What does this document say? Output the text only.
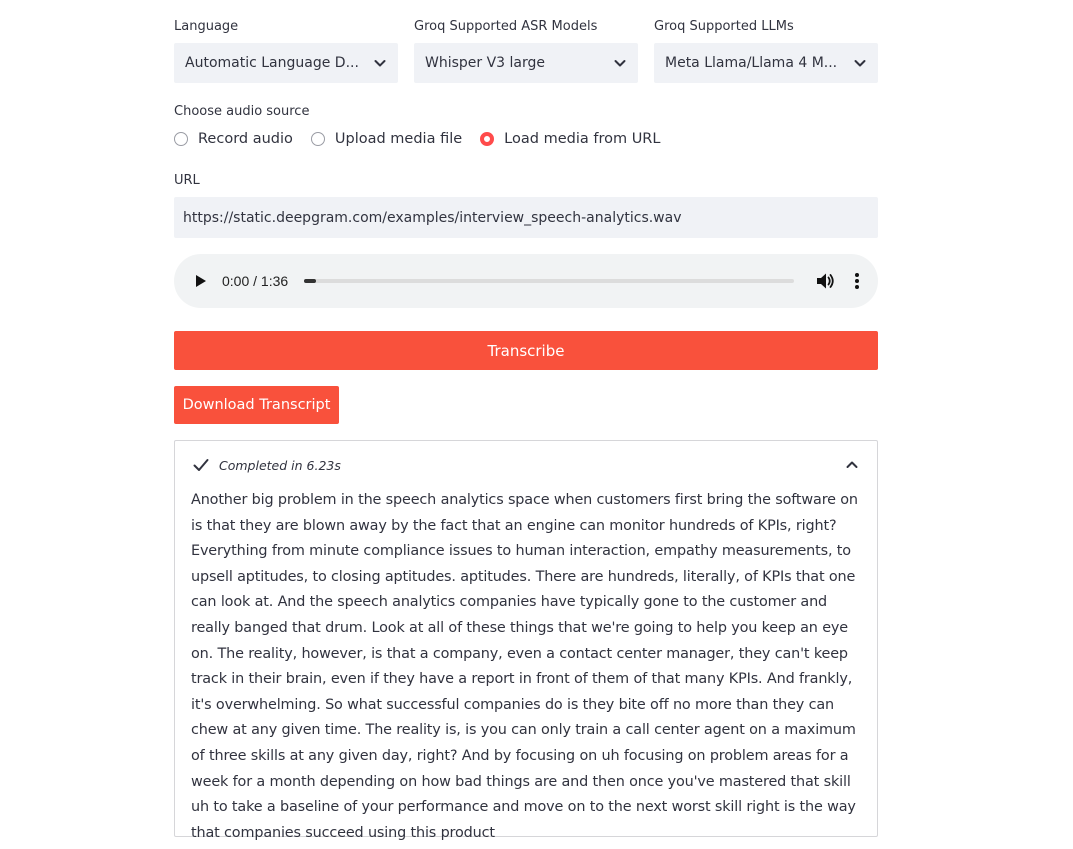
Language
Automatic Language D...
Groq Supported ASR Models
Whisper V3 large
Groq Supported LLMs
Meta Llama/Llama 4 M...
Choose audio source
Record audio	Upload media file	Load media from URL
URL
https://static.deepgram.com/examples/interview_speech-analytics.wav
0:00 / 1:36
Transcribe
Download Transcript
Completed in 6.23s

Another big problem in the speech analytics space when customers first bring the software on is that they are blown away by the fact that an engine can monitor hundreds of KPIs, right? Everything from minute compliance issues to human interaction, empathy measurements, to upsell aptitudes, to closing aptitudes. aptitudes. There are hundreds, literally, of KPIs that one can look at. And the speech analytics companies have typically gone to the customer and really banged that drum. Look at all of these things that we're going to help you keep an eye on. The reality, however, is that a company, even a contact center manager, they can't keep track in their brain, even if they have a report in front of them of that many KPIs. And frankly, it's overwhelming. So what successful companies do is they bite off no more than they can chew at any given time. The reality is, is you can only train a call center agent on a maximum of three skills at any given day, right? And by focusing on uh focusing on problem areas for a week for a month depending on how bad things are and then once you've mastered that skill uh to take a baseline of your performance and move on to the next worst skill right is the way that companies succeed using this product
